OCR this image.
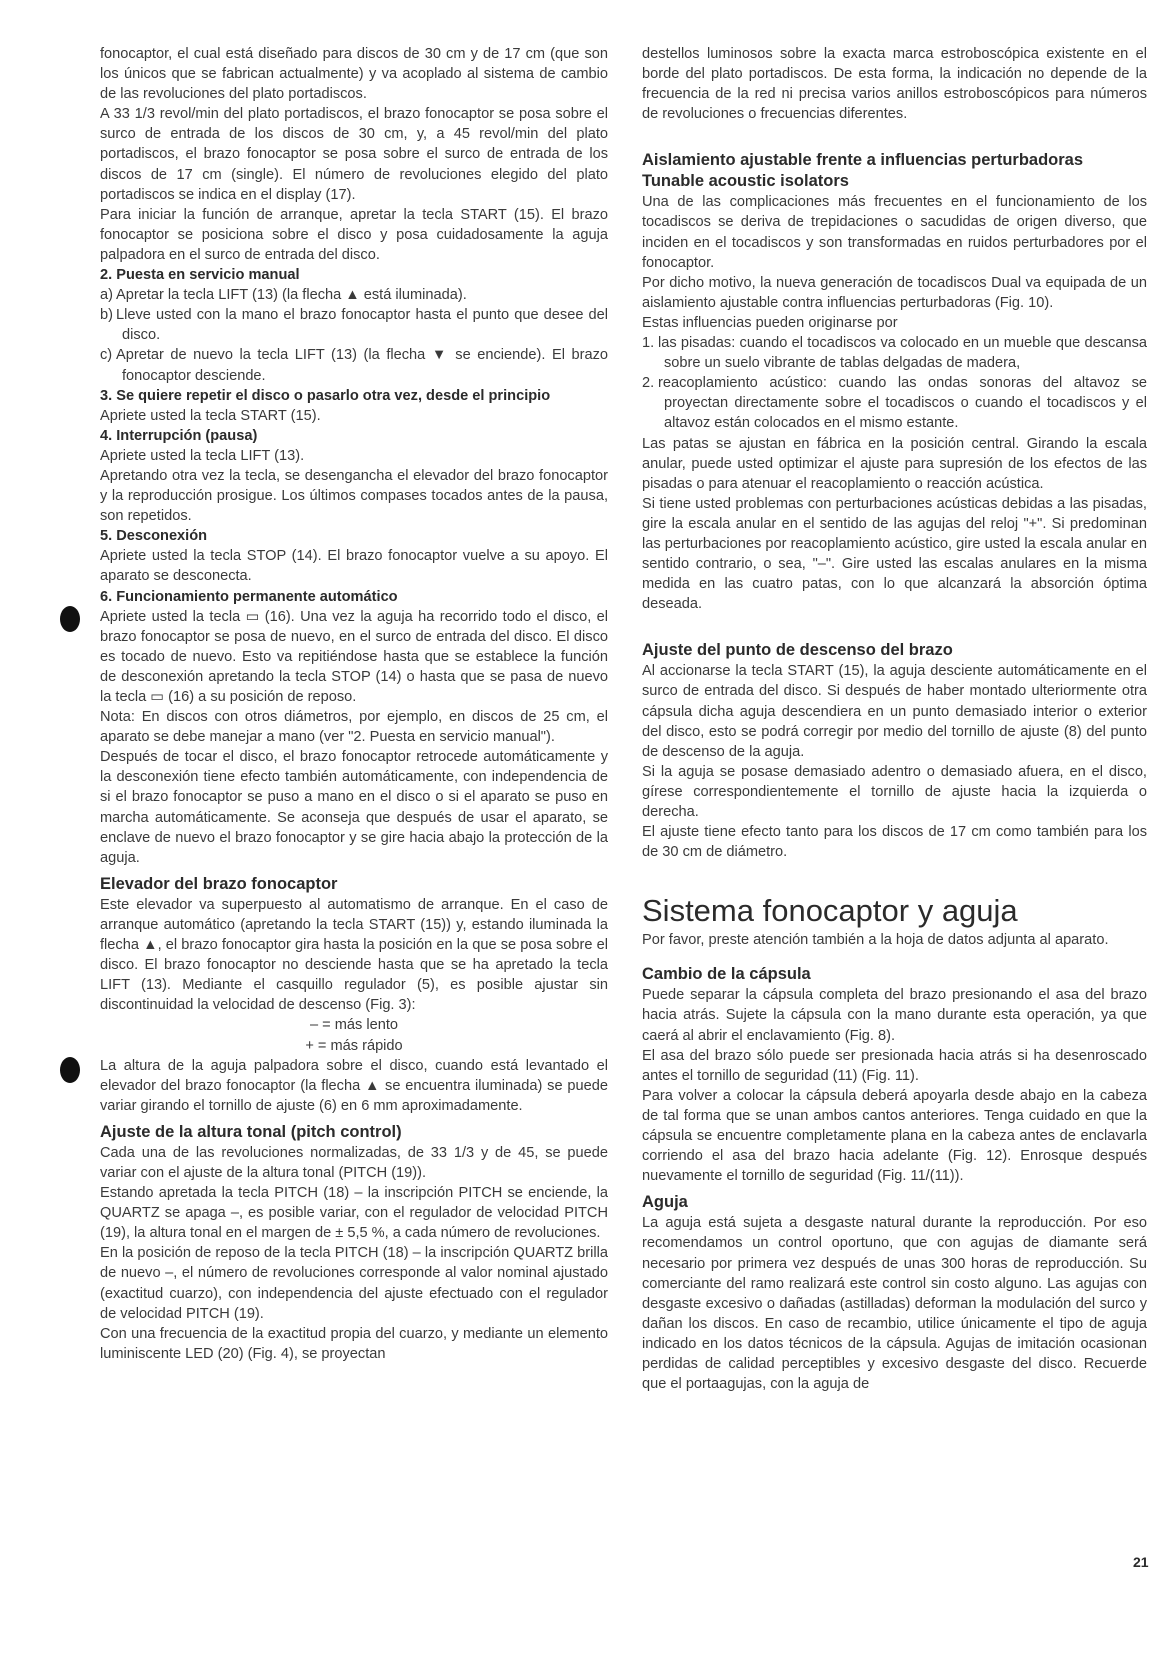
fonocaptor, el cual está diseñado para discos de 30 cm y de 17 cm (que son los únicos que se fabrican actualmente) y va acoplado al sistema de cambio de las revoluciones del plato portadiscos.

A 33 1/3 revol/min del plato portadiscos, el brazo fonocaptor se posa sobre el surco de entrada de los discos de 30 cm, y, a 45 revol/min del plato portadiscos, el brazo fonocaptor se posa sobre el surco de entrada de los discos de 17 cm (single). El número de revoluciones elegido del plato portadiscos se indica en el display (17).

Para iniciar la función de arranque, apretar la tecla START (15). El brazo fonocaptor se posiciona sobre el disco y posa cuidadosamente la aguja palpadora en el surco de entrada del disco.

2. Puesta en servicio manual

a) Apretar la tecla LIFT (13) (la flecha ▲ está iluminada).

b) Lleve usted con la mano el brazo fonocaptor hasta el punto que desee del disco.

c) Apretar de nuevo la tecla LIFT (13) (la flecha ▼ se enciende). El brazo fonocaptor desciende.

3. Se quiere repetir el disco o pasarlo otra vez, desde el principio

Apriete usted la tecla START (15).

4. Interrupción (pausa)

Apriete usted la tecla LIFT (13).

Apretando otra vez la tecla, se desengancha el elevador del brazo fonocaptor y la reproducción prosigue. Los últimos compases tocados antes de la pausa, son repetidos.

5. Desconexión

Apriete usted la tecla STOP (14). El brazo fonocaptor vuelve a su apoyo. El aparato se desconecta.

6. Funcionamiento permanente automático

Apriete usted la tecla ▭ (16). Una vez la aguja ha recorrido todo el disco, el brazo fonocaptor se posa de nuevo, en el surco de entrada del disco. El disco es tocado de nuevo. Esto va repitiéndose hasta que se establece la función de desconexión apretando la tecla STOP (14) o hasta que se pasa de nuevo la tecla ▭ (16) a su posición de reposo.

Nota: En discos con otros diámetros, por ejemplo, en discos de 25 cm, el aparato se debe manejar a mano (ver "2. Puesta en servicio manual").

Después de tocar el disco, el brazo fonocaptor retrocede automáticamente y la desconexión tiene efecto también automáticamente, con independencia de si el brazo fonocaptor se puso a mano en el disco o si el aparato se puso en marcha automáticamente. Se aconseja que después de usar el aparato, se enclave de nuevo el brazo fonocaptor y se gire hacia abajo la protección de la aguja.

Elevador del brazo fonocaptor

Este elevador va superpuesto al automatismo de arranque. En el caso de arranque automático (apretando la tecla START (15)) y, estando iluminada la flecha ▲, el brazo fonocaptor gira hasta la posición en la que se posa sobre el disco. El brazo fonocaptor no desciende hasta que se ha apretado la tecla LIFT (13). Mediante el casquillo regulador (5), es posible ajustar sin discontinuidad la velocidad de descenso (Fig. 3):

– = más lento

+ = más rápido

La altura de la aguja palpadora sobre el disco, cuando está levantado el elevador del brazo fonocaptor (la flecha ▲ se encuentra iluminada) se puede variar girando el tornillo de ajuste (6) en 6 mm aproximadamente.

Ajuste de la altura tonal (pitch control)

Cada una de las revoluciones normalizadas, de 33 1/3 y de 45, se puede variar con el ajuste de la altura tonal (PITCH (19)).

Estando apretada la tecla PITCH (18) – la inscripción PITCH se enciende, la QUARTZ se apaga –, es posible variar, con el regulador de velocidad PITCH (19), la altura tonal en el margen de ± 5,5 %, a cada número de revoluciones.

En la posición de reposo de la tecla PITCH (18) – la inscripción QUARTZ brilla de nuevo –, el número de revoluciones corresponde al valor nominal ajustado (exactitud cuarzo), con independencia del ajuste efectuado con el regulador de velocidad PITCH (19).

Con una frecuencia de la exactitud propia del cuarzo, y mediante un elemento luminiscente LED (20) (Fig. 4), se proyectan

destellos luminosos sobre la exacta marca estroboscópica existente en el borde del plato portadiscos. De esta forma, la indicación no depende de la frecuencia de la red ni precisa varios anillos estroboscópicos para números de revoluciones o frecuencias diferentes.

Aislamiento ajustable frente a influencias perturbadoras
Tunable acoustic isolators

Una de las complicaciones más frecuentes en el funcionamiento de los tocadiscos se deriva de trepidaciones o sacudidas de origen diverso, que inciden en el tocadiscos y son transformadas en ruidos perturbadores por el fonocaptor.

Por dicho motivo, la nueva generación de tocadiscos Dual va equipada de un aislamiento ajustable contra influencias perturbadoras (Fig. 10).

Estas influencias pueden originarse por

1. las pisadas: cuando el tocadiscos va colocado en un mueble que descansa sobre un suelo vibrante de tablas delgadas de madera,

2. reacoplamiento acústico: cuando las ondas sonoras del altavoz se proyectan directamente sobre el tocadiscos o cuando el tocadiscos y el altavoz están colocados en el mismo estante.

Las patas se ajustan en fábrica en la posición central. Girando la escala anular, puede usted optimizar el ajuste para supresión de los efectos de las pisadas o para atenuar el reacoplamiento o reacción acústica.

Si tiene usted problemas con perturbaciones acústicas debidas a las pisadas, gire la escala anular en el sentido de las agujas del reloj "+". Si predominan las perturbaciones por reacoplamiento acústico, gire usted la escala anular en sentido contrario, o sea, "–". Gire usted las escalas anulares en la misma medida en las cuatro patas, con lo que alcanzará la absorción óptima deseada.

Ajuste del punto de descenso del brazo

Al accionarse la tecla START (15), la aguja desciente automáticamente en el surco de entrada del disco. Si después de haber montado ulteriormente otra cápsula dicha aguja descendiera en un punto demasiado interior o exterior del disco, esto se podrá corregir por medio del tornillo de ajuste (8) del punto de descenso de la aguja.

Si la aguja se posase demasiado adentro o demasiado afuera, en el disco, gírese correspondientemente el tornillo de ajuste hacia la izquierda o derecha.

El ajuste tiene efecto tanto para los discos de 17 cm como también para los de 30 cm de diámetro.

Sistema fonocaptor y aguja

Por favor, preste atención también a la hoja de datos adjunta al aparato.

Cambio de la cápsula

Puede separar la cápsula completa del brazo presionando el asa del brazo hacia atrás. Sujete la cápsula con la mano durante esta operación, ya que caerá al abrir el enclavamiento (Fig. 8).

El asa del brazo sólo puede ser presionada hacia atrás si ha desenroscado antes el tornillo de seguridad (11) (Fig. 11).

Para volver a colocar la cápsula deberá apoyarla desde abajo en la cabeza de tal forma que se unan ambos cantos anteriores. Tenga cuidado en que la cápsula se encuentre completamente plana en la cabeza antes de enclavarla corriendo el asa del brazo hacia adelante (Fig. 12). Enrosque después nuevamente el tornillo de seguridad (Fig. 11/(11)).

Aguja

La aguja está sujeta a desgaste natural durante la reproducción. Por eso recomendamos un control oportuno, que con agujas de diamante será necesario por primera vez después de unas 300 horas de reproducción. Su comerciante del ramo realizará este control sin costo alguno. Las agujas con desgaste excesivo o dañadas (astilladas) deforman la modulación del surco y dañan los discos. En caso de recambio, utilice únicamente el tipo de aguja indicado en los datos técnicos de la cápsula. Agujas de imitación ocasionan perdidas de calidad perceptibles y excesivo desgaste del disco. Recuerde que el portaagujas, con la aguja de

21
